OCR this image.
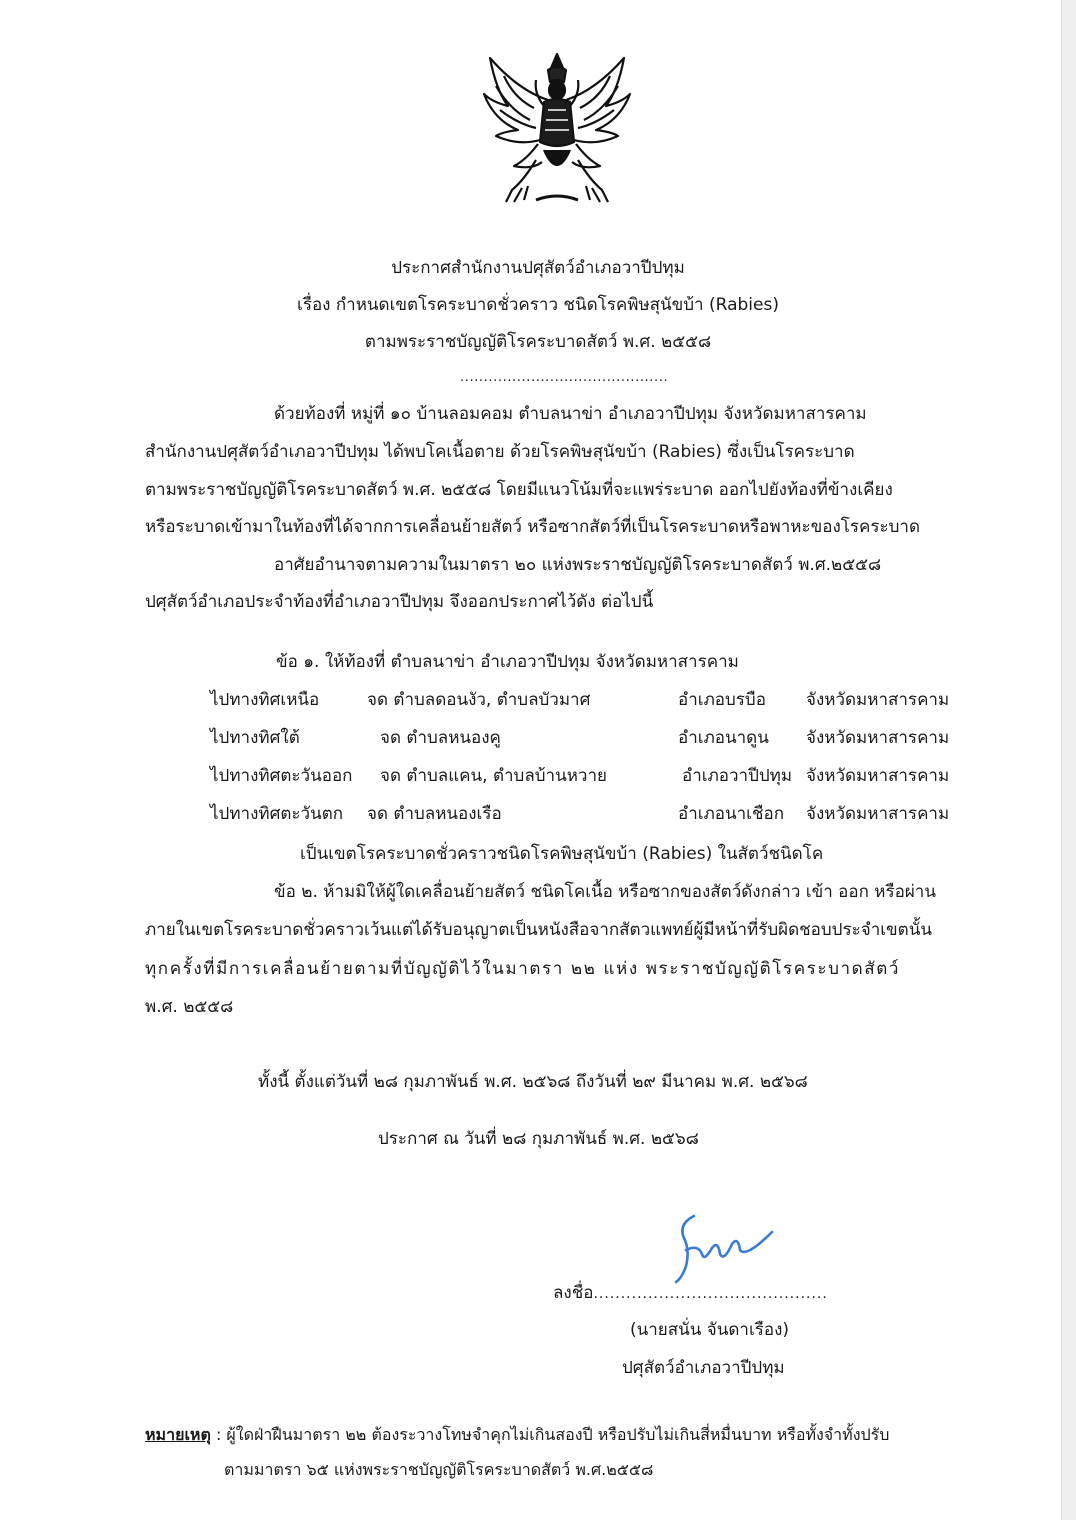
ประกาศสำนักงานปศุสัตว์อำเภอวาปีปทุม
เรื่อง กำหนดเขตโรคระบาดชั่วคราว ชนิดโรคพิษสุนัขบ้า (Rabies)
ตามพระราชบัญญัติโรคระบาดสัตว์ พ.ศ. ๒๕๕๘
............................................
ด้วยท้องที่ หมู่ที่ ๑๐ บ้านลอมคอม ตำบลนาข่า อำเภอวาปีปทุม จังหวัดมหาสารคาม
สำนักงานปศุสัตว์อำเภอวาปีปทุม ได้พบโคเนื้อตาย ด้วยโรคพิษสุนัขบ้า (Rabies) ซึ่งเป็นโรคระบาด
ตามพระราชบัญญัติโรคระบาดสัตว์ พ.ศ. ๒๕๕๘ โดยมีแนวโน้มที่จะแพร่ระบาด ออกไปยังท้องที่ข้างเคียง
หรือระบาดเข้ามาในท้องที่ได้จากการเคลื่อนย้ายสัตว์ หรือซากสัตว์ที่เป็นโรคระบาดหรือพาหะของโรคระบาด
อาศัยอำนาจตามความในมาตรา ๒๐ แห่งพระราชบัญญัติโรคระบาดสัตว์ พ.ศ.๒๕๕๘
ปศุสัตว์อำเภอประจำท้องที่อำเภอวาปีปทุม จึงออกประกาศไว้ดัง ต่อไปนี้
ข้อ ๑. ให้ท้องที่ ตำบลนาข่า อำเภอวาปีปทุม จังหวัดมหาสารคาม
ไปทางทิศเหนือ	จด ตำบลดอนงัว, ตำบลบัวมาศ	อำเภอบรบือ จังหวัดมหาสารคาม
ไปทางทิศใต้	จด ตำบลหนองคู	อำเภอนาดูน จังหวัดมหาสารคาม
ไปทางทิศตะวันออก จด ตำบลแคน, ตำบลบ้านหวาย	อำเภอวาปีปทุม จังหวัดมหาสารคาม
ไปทางทิศตะวันตก จด ตำบลหนองเรือ	อำเภอนาเชือก จังหวัดมหาสารคาม
เป็นเขตโรคระบาดชั่วคราวชนิดโรคพิษสุนัขบ้า (Rabies) ในสัตว์ชนิดโค
ข้อ ๒. ห้ามมิให้ผู้ใดเคลื่อนย้ายสัตว์ ชนิดโคเนื้อ หรือซากของสัตว์ดังกล่าว เข้า ออก หรือผ่าน
ภายในเขตโรคระบาดชั่วคราวเว้นแต่ได้รับอนุญาตเป็นหนังสือจากสัตวแพทย์ผู้มีหน้าที่รับผิดชอบประจำเขตนั้น
ทุกครั้งที่มีการเคลื่อนย้ายตามที่บัญญัติไว้ในมาตรา ๒๒ แห่ง พระราชบัญญัติโรคระบาดสัตว์
พ.ศ. ๒๕๕๘
ทั้งนี้ ตั้งแต่วันที่ ๒๘ กุมภาพันธ์ พ.ศ. ๒๕๖๘ ถึงวันที่ ๒๙ มีนาคม พ.ศ. ๒๕๖๘
ประกาศ ณ วันที่ ๒๘ กุมภาพันธ์ พ.ศ. ๒๕๖๘
ลงชื่อ...........................................
(นายสนั่น จันดาเรือง)
ปศุสัตว์อำเภอวาปีปทุม
หมายเหตุ : ผู้ใดฝ่าฝืนมาตรา ๒๒ ต้องระวางโทษจำคุกไม่เกินสองปี หรือปรับไม่เกินสี่หมื่นบาท หรือทั้งจำทั้งปรับ
ตามมาตรา ๖๕ แห่งพระราชบัญญัติโรคระบาดสัตว์ พ.ศ.๒๕๕๘
